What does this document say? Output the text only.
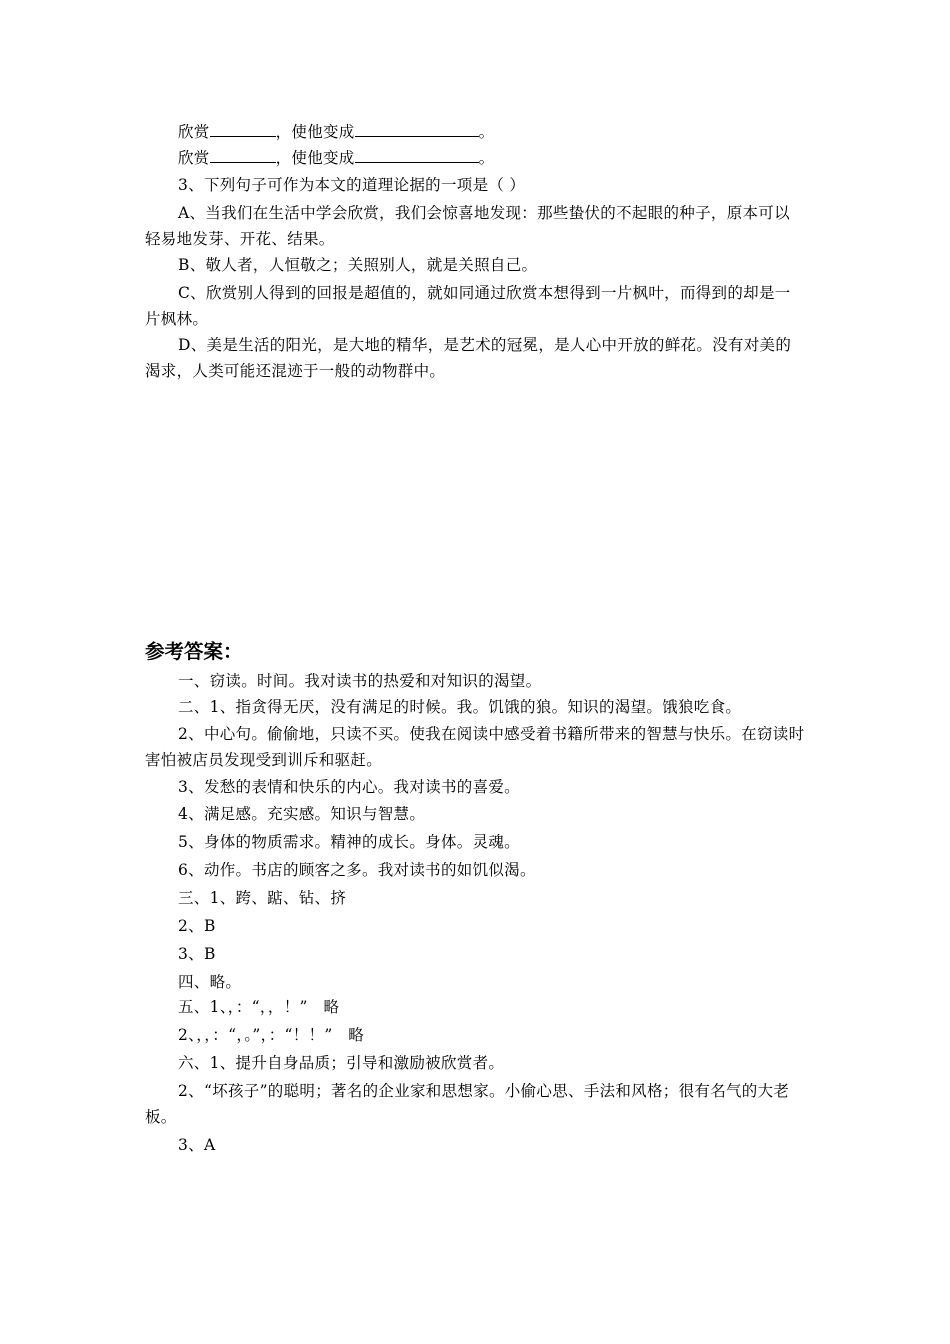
欣赏	，使他变成	。
欣赏	，使他变成	。
3、下列句子可作为本文的道理论据的一项是（ ）
A、当我们在生活中学会欣赏，我们会惊喜地发现：那些蛰伏的不起眼的种子，原本可以
轻易地发芽、开花、结果。
B、敬人者，人恒敬之；关照别人，就是关照自己。
C、欣赏别人得到的回报是超值的，就如同通过欣赏本想得到一片枫叶，而得到的却是一
片枫林。
D、美是生活的阳光，是大地的精华，是艺术的冠冕，是人心中开放的鲜花。没有对美的
渴求，人类可能还混迹于一般的动物群中。
参考答案：
一、窃读。时间。我对读书的热爱和对知识的渴望。
二、1、指贪得无厌，没有满足的时候。我。饥饿的狼。知识的渴望。饿狼吃食。
2、中心句。偷偷地，只读不买。使我在阅读中感受着书籍所带来的智慧与快乐。在窃读时
害怕被店员发现受到训斥和驱赶。
3、发愁的表情和快乐的内心。我对读书的喜爱。
4、满足感。充实感。知识与智慧。
5、身体的物质需求。精神的成长。身体。灵魂。
6、动作。书店的顾客之多。我对读书的如饥似渴。
三、1、跨、踮、钻、挤
2、B
3、B
四、略。
五、1、，：“，，！”   略
2、，，：“，。”，：“！！”   略
六、1、提升自身品质；引导和激励被欣赏者。
2、“坏孩子”的聪明；著名的企业家和思想家。小偷心思、手法和风格；很有名气的大老
板。
3、A
